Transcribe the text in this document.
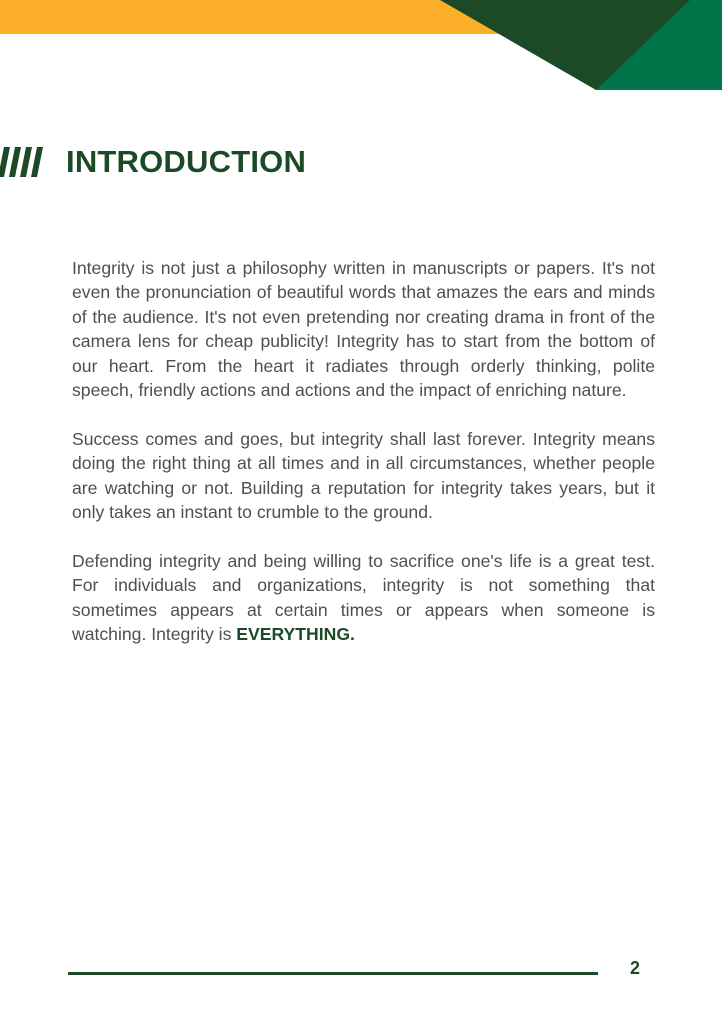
INTRODUCTION

Integrity is not just a philosophy written in manuscripts or papers. It's not even the pronunciation of beautiful words that amazes the ears and minds of the audience. It's not even pretending nor creating drama in front of the camera lens for cheap publicity! Integrity has to start from the bottom of our heart. From the heart it radiates through orderly thinking, polite speech, friendly actions and actions and the impact of enriching nature.

Success comes and goes, but integrity shall last forever. Integrity means doing the right thing at all times and in all circumstances, whether people are watching or not. Building a reputation for integrity takes years, but it only takes an instant to crumble to the ground.

Defending integrity and being willing to sacrifice one's life is a great test. For individuals and organizations, integrity is not something that sometimes appears at certain times or appears when someone is watching. Integrity is EVERYTHING.

2
